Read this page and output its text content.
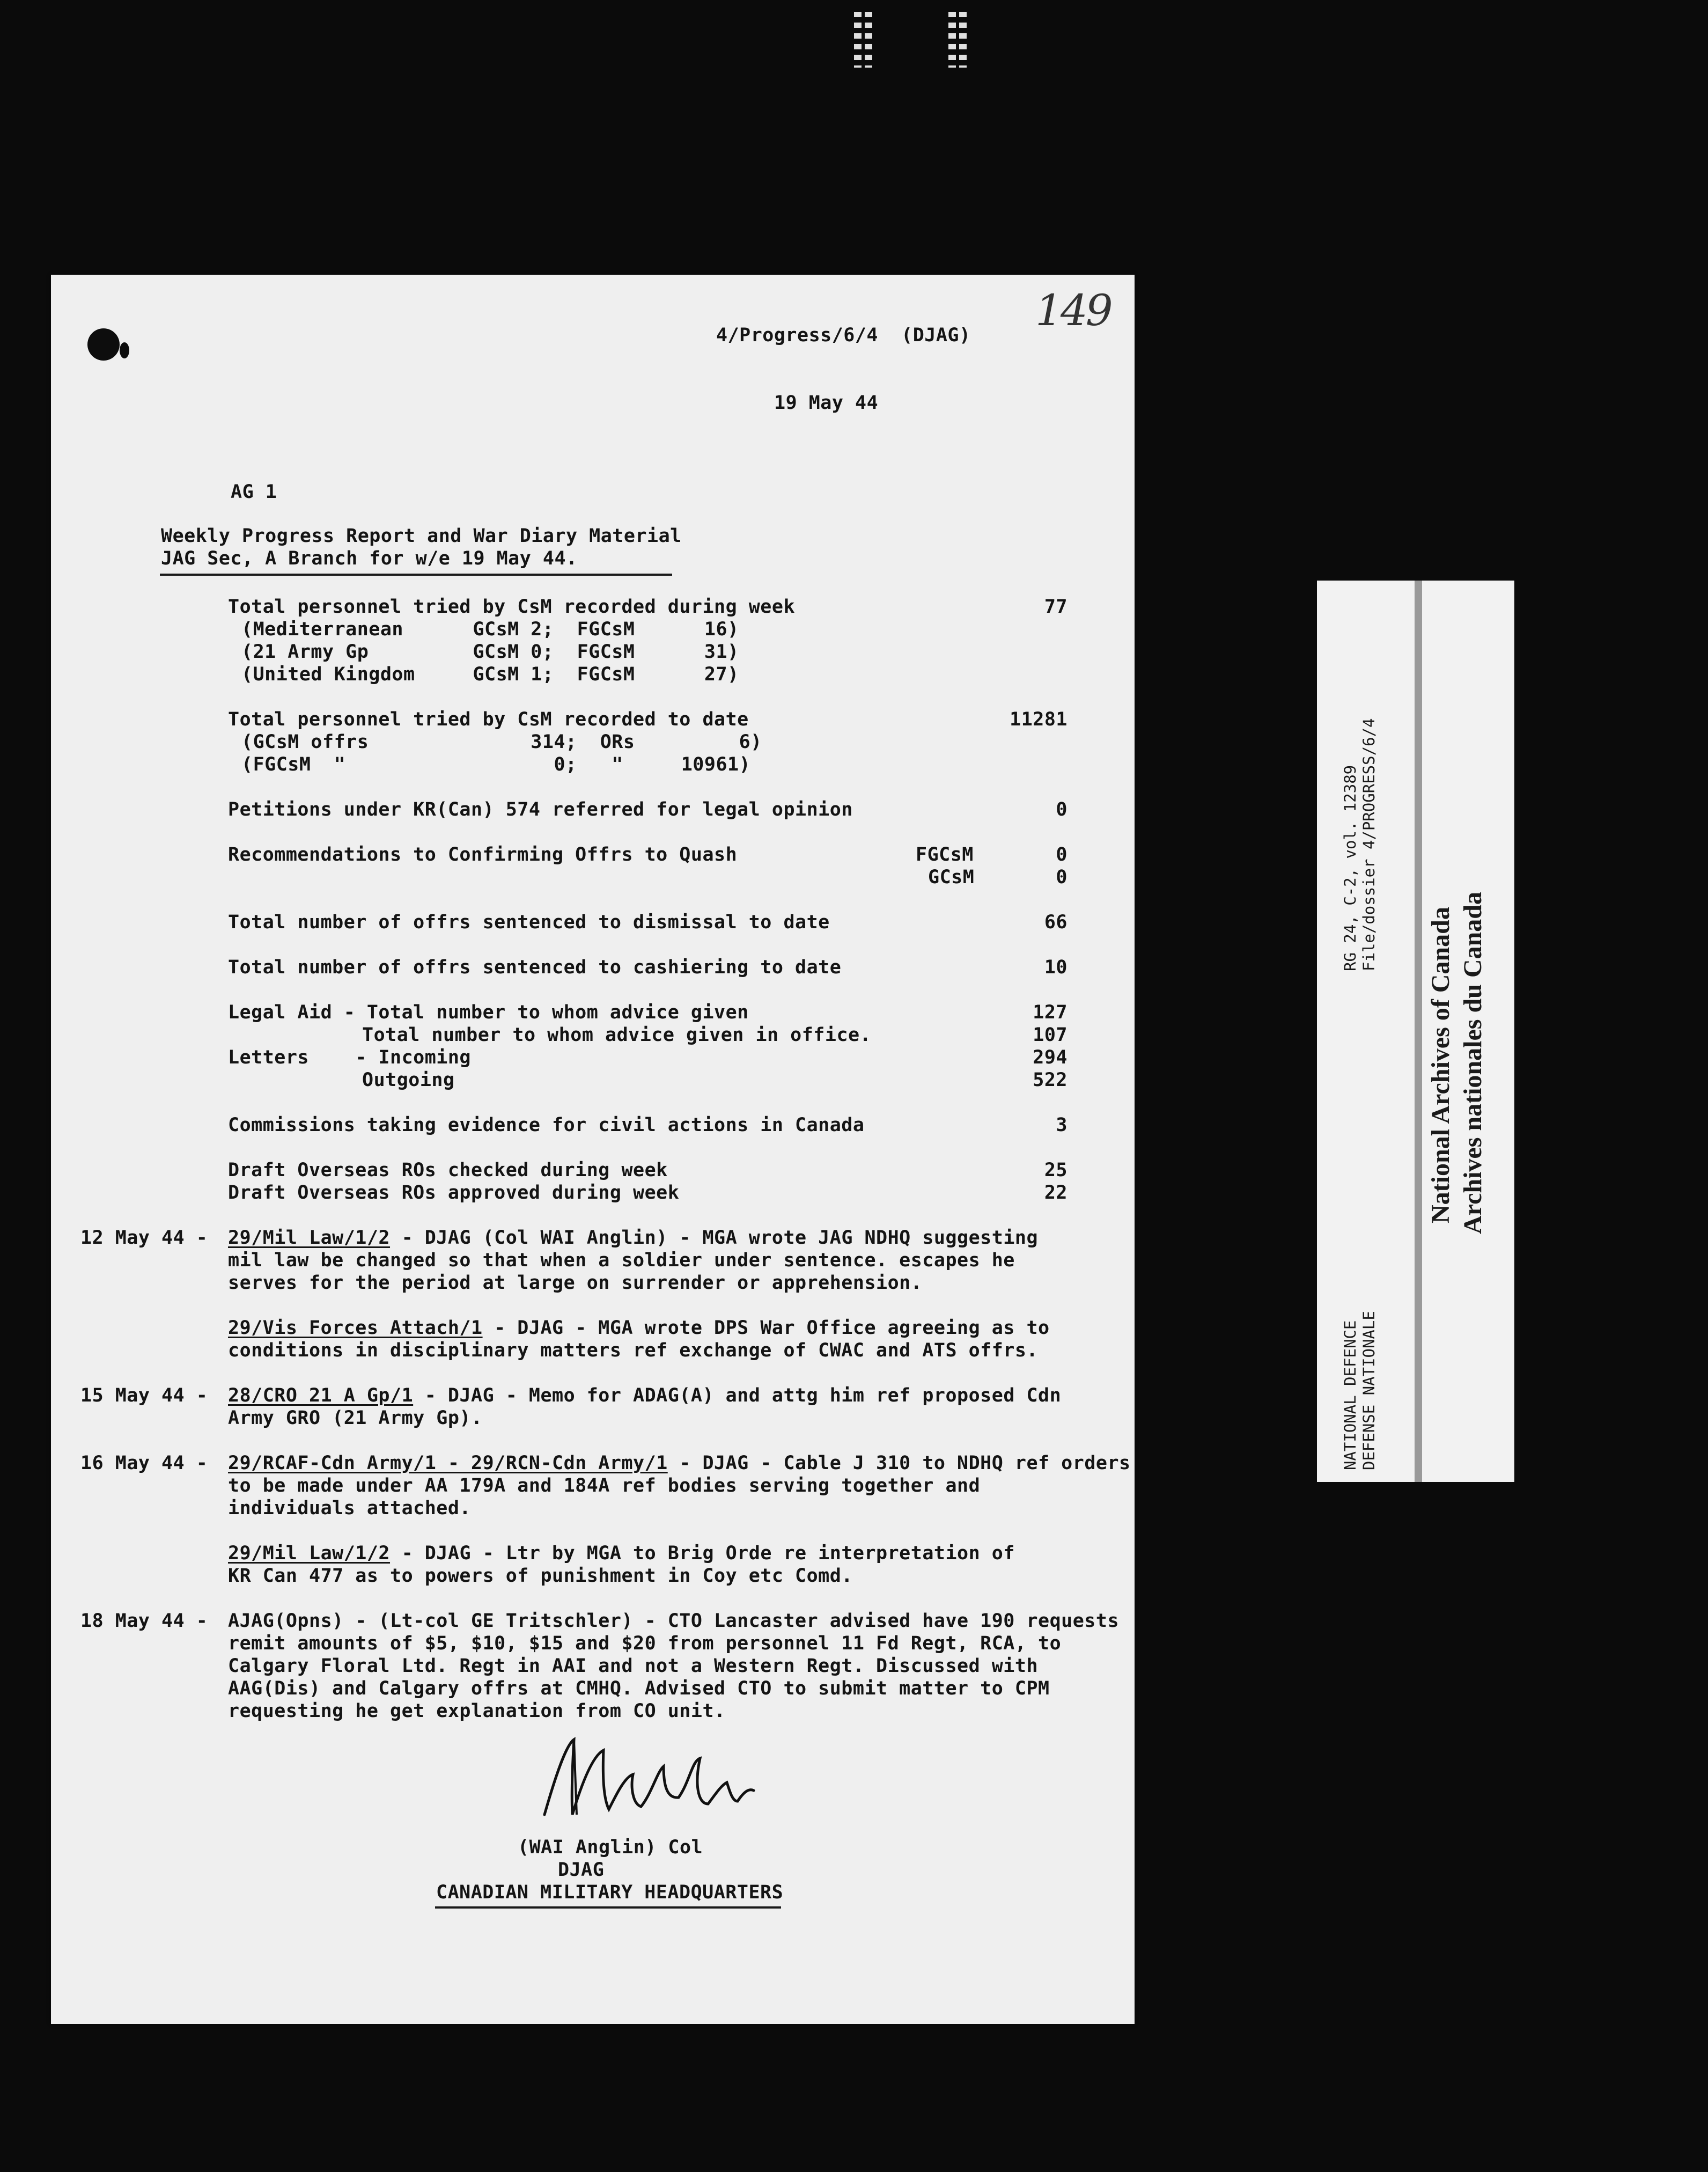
149
4/Progress/6/4  (DJAG)
19 May 44
AG 1
Weekly Progress Report and War Diary Material
JAG Sec, A Branch for w/e 19 May 44.
Total personnel tried by CsM recorded during week	77
(Mediterranean      GCsM 2;  FGCsM      16)
(21 Army Gp         GCsM 0;  FGCsM      31)
(United Kingdom     GCsM 1;  FGCsM      27)
Total personnel tried by CsM recorded to date	11281
(GCsM offrs              314;  ORs         6)
(FGCsM  "                  0;   "     10961)
Petitions under KR(Can) 574 referred for legal opinion	0
Recommendations to Confirming Offrs to Quash	FGCsM	0
GCsM	0
Total number of offrs sentenced to dismissal to date	66
Total number of offrs sentenced to cashiering to date	10
Legal Aid - Total number to whom advice given	127
Total number to whom advice given in office.	107
Letters    - Incoming	294
Outgoing	522
Commissions taking evidence for civil actions in Canada	3
Draft Overseas ROs checked during week	25
Draft Overseas ROs approved during week	22
12 May 44 - 29/Mil Law/1/2 - DJAG (Col WAI Anglin) - MGA wrote JAG NDHQ suggesting
mil law be changed so that when a soldier under sentence. escapes he
serves for the period at large on surrender or apprehension.
29/Vis Forces Attach/1 - DJAG - MGA wrote DPS War Office agreeing as to
conditions in disciplinary matters ref exchange of CWAC and ATS offrs.
15 May 44 - 28/CRO 21 A Gp/1 - DJAG - Memo for ADAG(A) and attg him ref proposed Cdn
Army GRO (21 Army Gp).
16 May 44 - 29/RCAF-Cdn Army/1 - 29/RCN-Cdn Army/1 - DJAG - Cable J 310 to NDHQ ref orders
to be made under AA 179A and 184A ref bodies serving together and
individuals attached.
29/Mil Law/1/2 - DJAG - Ltr by MGA to Brig Orde re interpretation of
KR Can 477 as to powers of punishment in Coy etc Comd.
18 May 44 - AJAG(Opns) - (Lt-col GE Tritschler) - CTO Lancaster advised have 190 requests
remit amounts of $5, $10, $15 and $20 from personnel 11 Fd Regt, RCA, to
Calgary Floral Ltd. Regt in AAI and not a Western Regt. Discussed with
AAG(Dis) and Calgary offrs at CMHQ. Advised CTO to submit matter to CPM
requesting he get explanation from CO unit.
(WAI Anglin) Col
DJAG
CANADIAN MILITARY HEADQUARTERS
RG 24, C-2, vol. 12389 File/dossier 4/PROGRESS/6/4
NATIONAL DEFENCE DEFENSE NATIONALE
National Archives of Canada Archives nationales du Canada
